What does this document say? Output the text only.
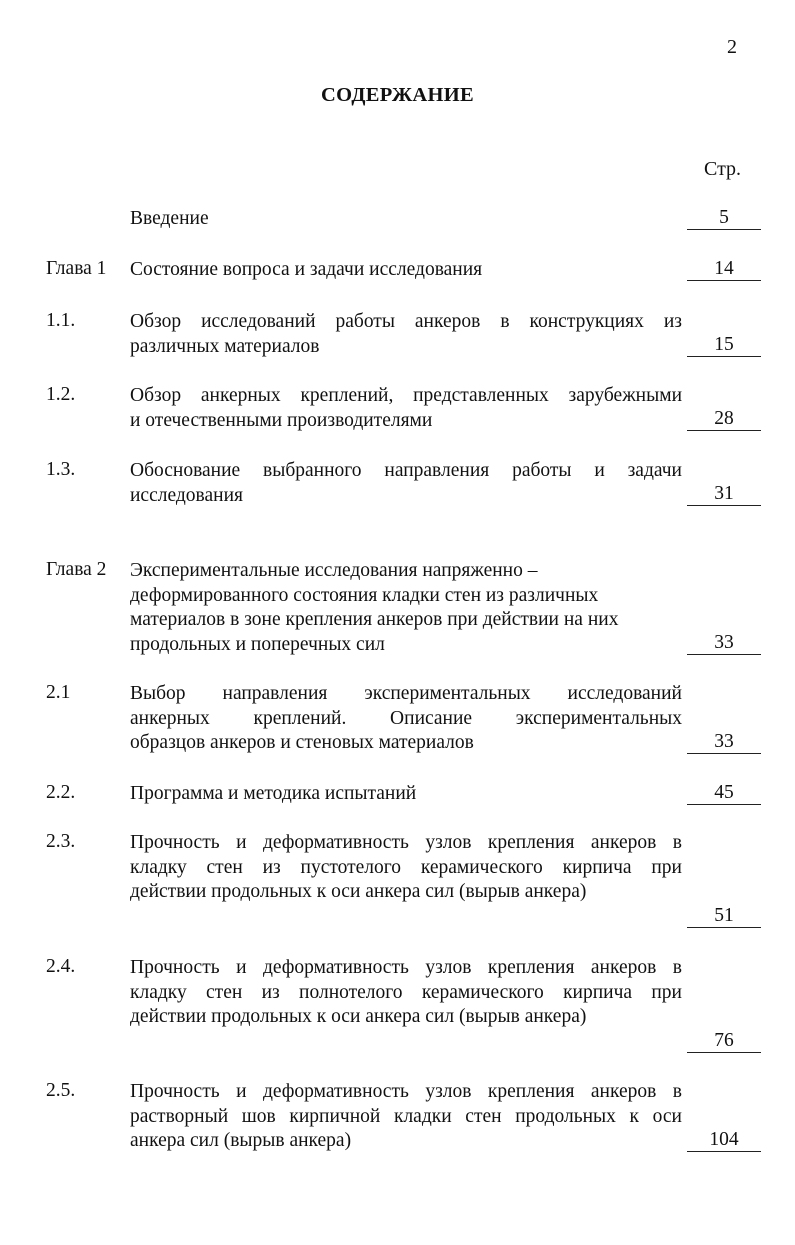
2
СОДЕРЖАНИЕ
Стр.
Введение	5
Глава 1 Состояние вопроса и задачи исследования	14
1.1.	Обзор исследований работы анкеров в конструкциях из
различных материалов	15
1.2.	Обзор анкерных креплений, представленных зарубежными
и отечественными производителями	28
1.3.	Обоснование выбранного направления работы и задачи
исследования	31
Глава 2 Экспериментальные исследования напряженно –
деформированного состояния кладки стен из различных
материалов в зоне крепления анкеров при действии на них
продольных и поперечных сил	33
2.1	Выбор направления экспериментальных исследований
анкерных креплений. Описание экспериментальных
образцов анкеров и стеновых материалов	33
2.2.	Программа и методика испытаний	45
2.3.	Прочность и деформативность узлов крепления анкеров в
кладку стен из пустотелого керамического кирпича при
действии продольных к оси анкера сил (вырыв анкера)
51
2.4.	Прочность и деформативность узлов крепления анкеров в
кладку стен из полнотелого керамического кирпича при
действии продольных к оси анкера сил (вырыв анкера)
76
2.5.	Прочность и деформативность узлов крепления анкеров в
растворный шов кирпичной кладки стен продольных к оси
анкера сил (вырыв анкера)	104
